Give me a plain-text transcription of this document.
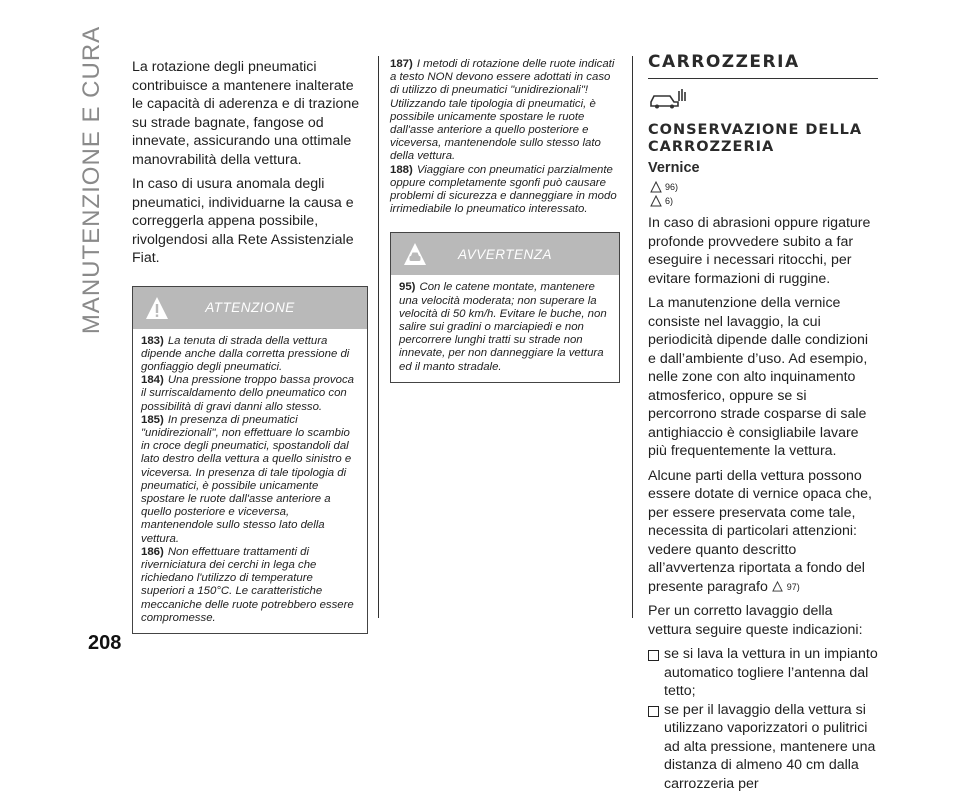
MANUTENZIONE E CURA
208

La rotazione degli pneumatici contribuisce a mantenere inalterate le capacità di aderenza e di trazione su strade bagnate, fangose od innevate, assicurando una ottimale manovrabilità della vettura.

In caso di usura anomala degli pneumatici, individuarne la causa e correggerla appena possibile, rivolgendosi alla Rete Assistenziale Fiat.

ATTENZIONE

183) La tenuta di strada della vettura dipende anche dalla corretta pressione di gonfiaggio degli pneumatici.

184) Una pressione troppo bassa provoca il surriscaldamento dello pneumatico con possibilità di gravi danni allo stesso.

185) In presenza di pneumatici "unidirezionali", non effettuare lo scambio in croce degli pneumatici, spostandoli dal lato destro della vettura a quello sinistro e viceversa. In presenza di tale tipologia di pneumatici, è possibile unicamente spostare le ruote dall'asse anteriore a quello posteriore e viceversa, mantenendole sullo stesso lato della vettura.

186) Non effettuare trattamenti di riverniciatura dei cerchi in lega che richiedano l'utilizzo di temperature superiori a 150°C. Le caratteristiche meccaniche delle ruote potrebbero essere compromesse.

187) I metodi di rotazione delle ruote indicati a testo NON devono essere adottati in caso di utilizzo di pneumatici "unidirezionali"! Utilizzando tale tipologia di pneumatici, è possibile unicamente spostare le ruote dall'asse anteriore a quello posteriore e viceversa, mantenendole sullo stesso lato della vettura.

188) Viaggiare con pneumatici parzialmente oppure completamente sgonfi può causare problemi di sicurezza e danneggiare in modo irrimediabile lo pneumatico interessato.

AVVERTENZA

95) Con le catene montate, mantenere una velocità moderata; non superare la velocità di 50 km/h. Evitare le buche, non salire sui gradini o marciapiedi e non percorrere lunghi tratti su strade non innevate, per non danneggiare la vettura ed il manto stradale.

CARROZZERIA
CONSERVAZIONE DELLA CARROZZERIA
Vernice
96)
6)

In caso di abrasioni oppure rigature profonde provvedere subito a far eseguire i necessari ritocchi, per evitare formazioni di ruggine.

La manutenzione della vernice consiste nel lavaggio, la cui periodicità dipende dalle condizioni e dall’ambiente d’uso. Ad esempio, nelle zone con alto inquinamento atmosferico, oppure se si percorrono strade cosparse di sale antighiaccio è consigliabile lavare più frequentemente la vettura.

Alcune parti della vettura possono essere dotate di vernice opaca che, per essere preservata come tale, necessita di particolari attenzioni: vedere quanto descritto all’avvertenza riportata a fondo del presente paragrafo 97)

Per un corretto lavaggio della vettura seguire queste indicazioni:

se si lava la vettura in un impianto automatico togliere l’antenna dal tetto;

se per il lavaggio della vettura si utilizzano vaporizzatori o pulitrici ad alta pressione, mantenere una distanza di almeno 40 cm dalla carrozzeria per
